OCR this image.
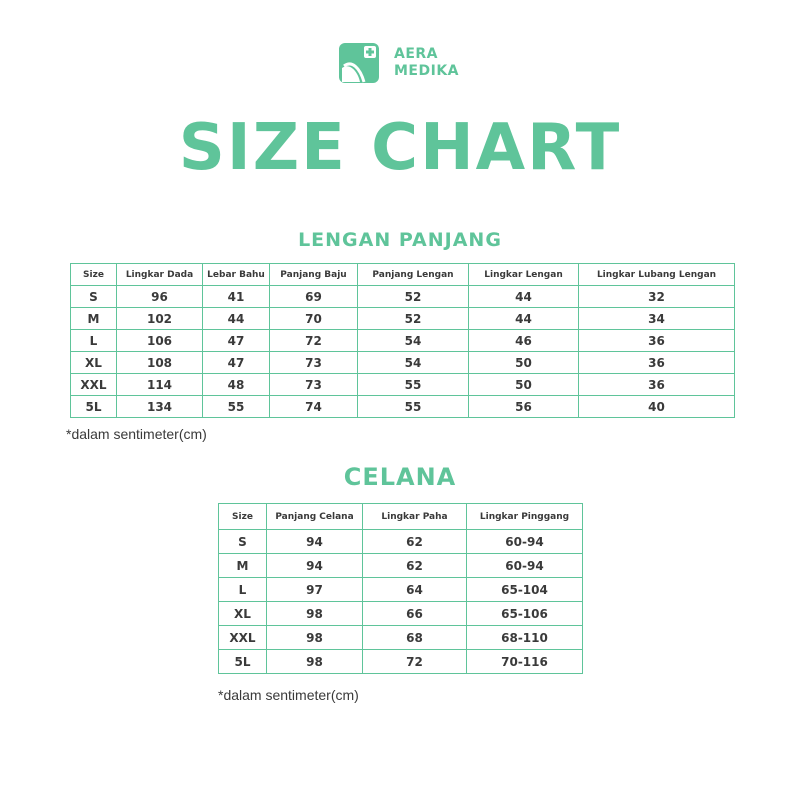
AERA
MEDIKA
SIZE CHART
LENGAN PANJANG
Size	Lingkar Dada	Lebar Bahu	Panjang Baju	Panjang Lengan	Lingkar Lengan	Lingkar Lubang Lengan
S	96	41	69	52	44	32
M	102	44	70	52	44	34
L	106	47	72	54	46	36
XL	108	47	73	54	50	36
XXL	114	48	73	55	50	36
5L	134	55	74	55	56	40
*dalam sentimeter(cm)
CELANA
Size	Panjang Celana	Lingkar Paha	Lingkar Pinggang
S	94	62	60-94
M	94	62	60-94
L	97	64	65-104
XL	98	66	65-106
XXL	98	68	68-110
5L	98	72	70-116
*dalam sentimeter(cm)
